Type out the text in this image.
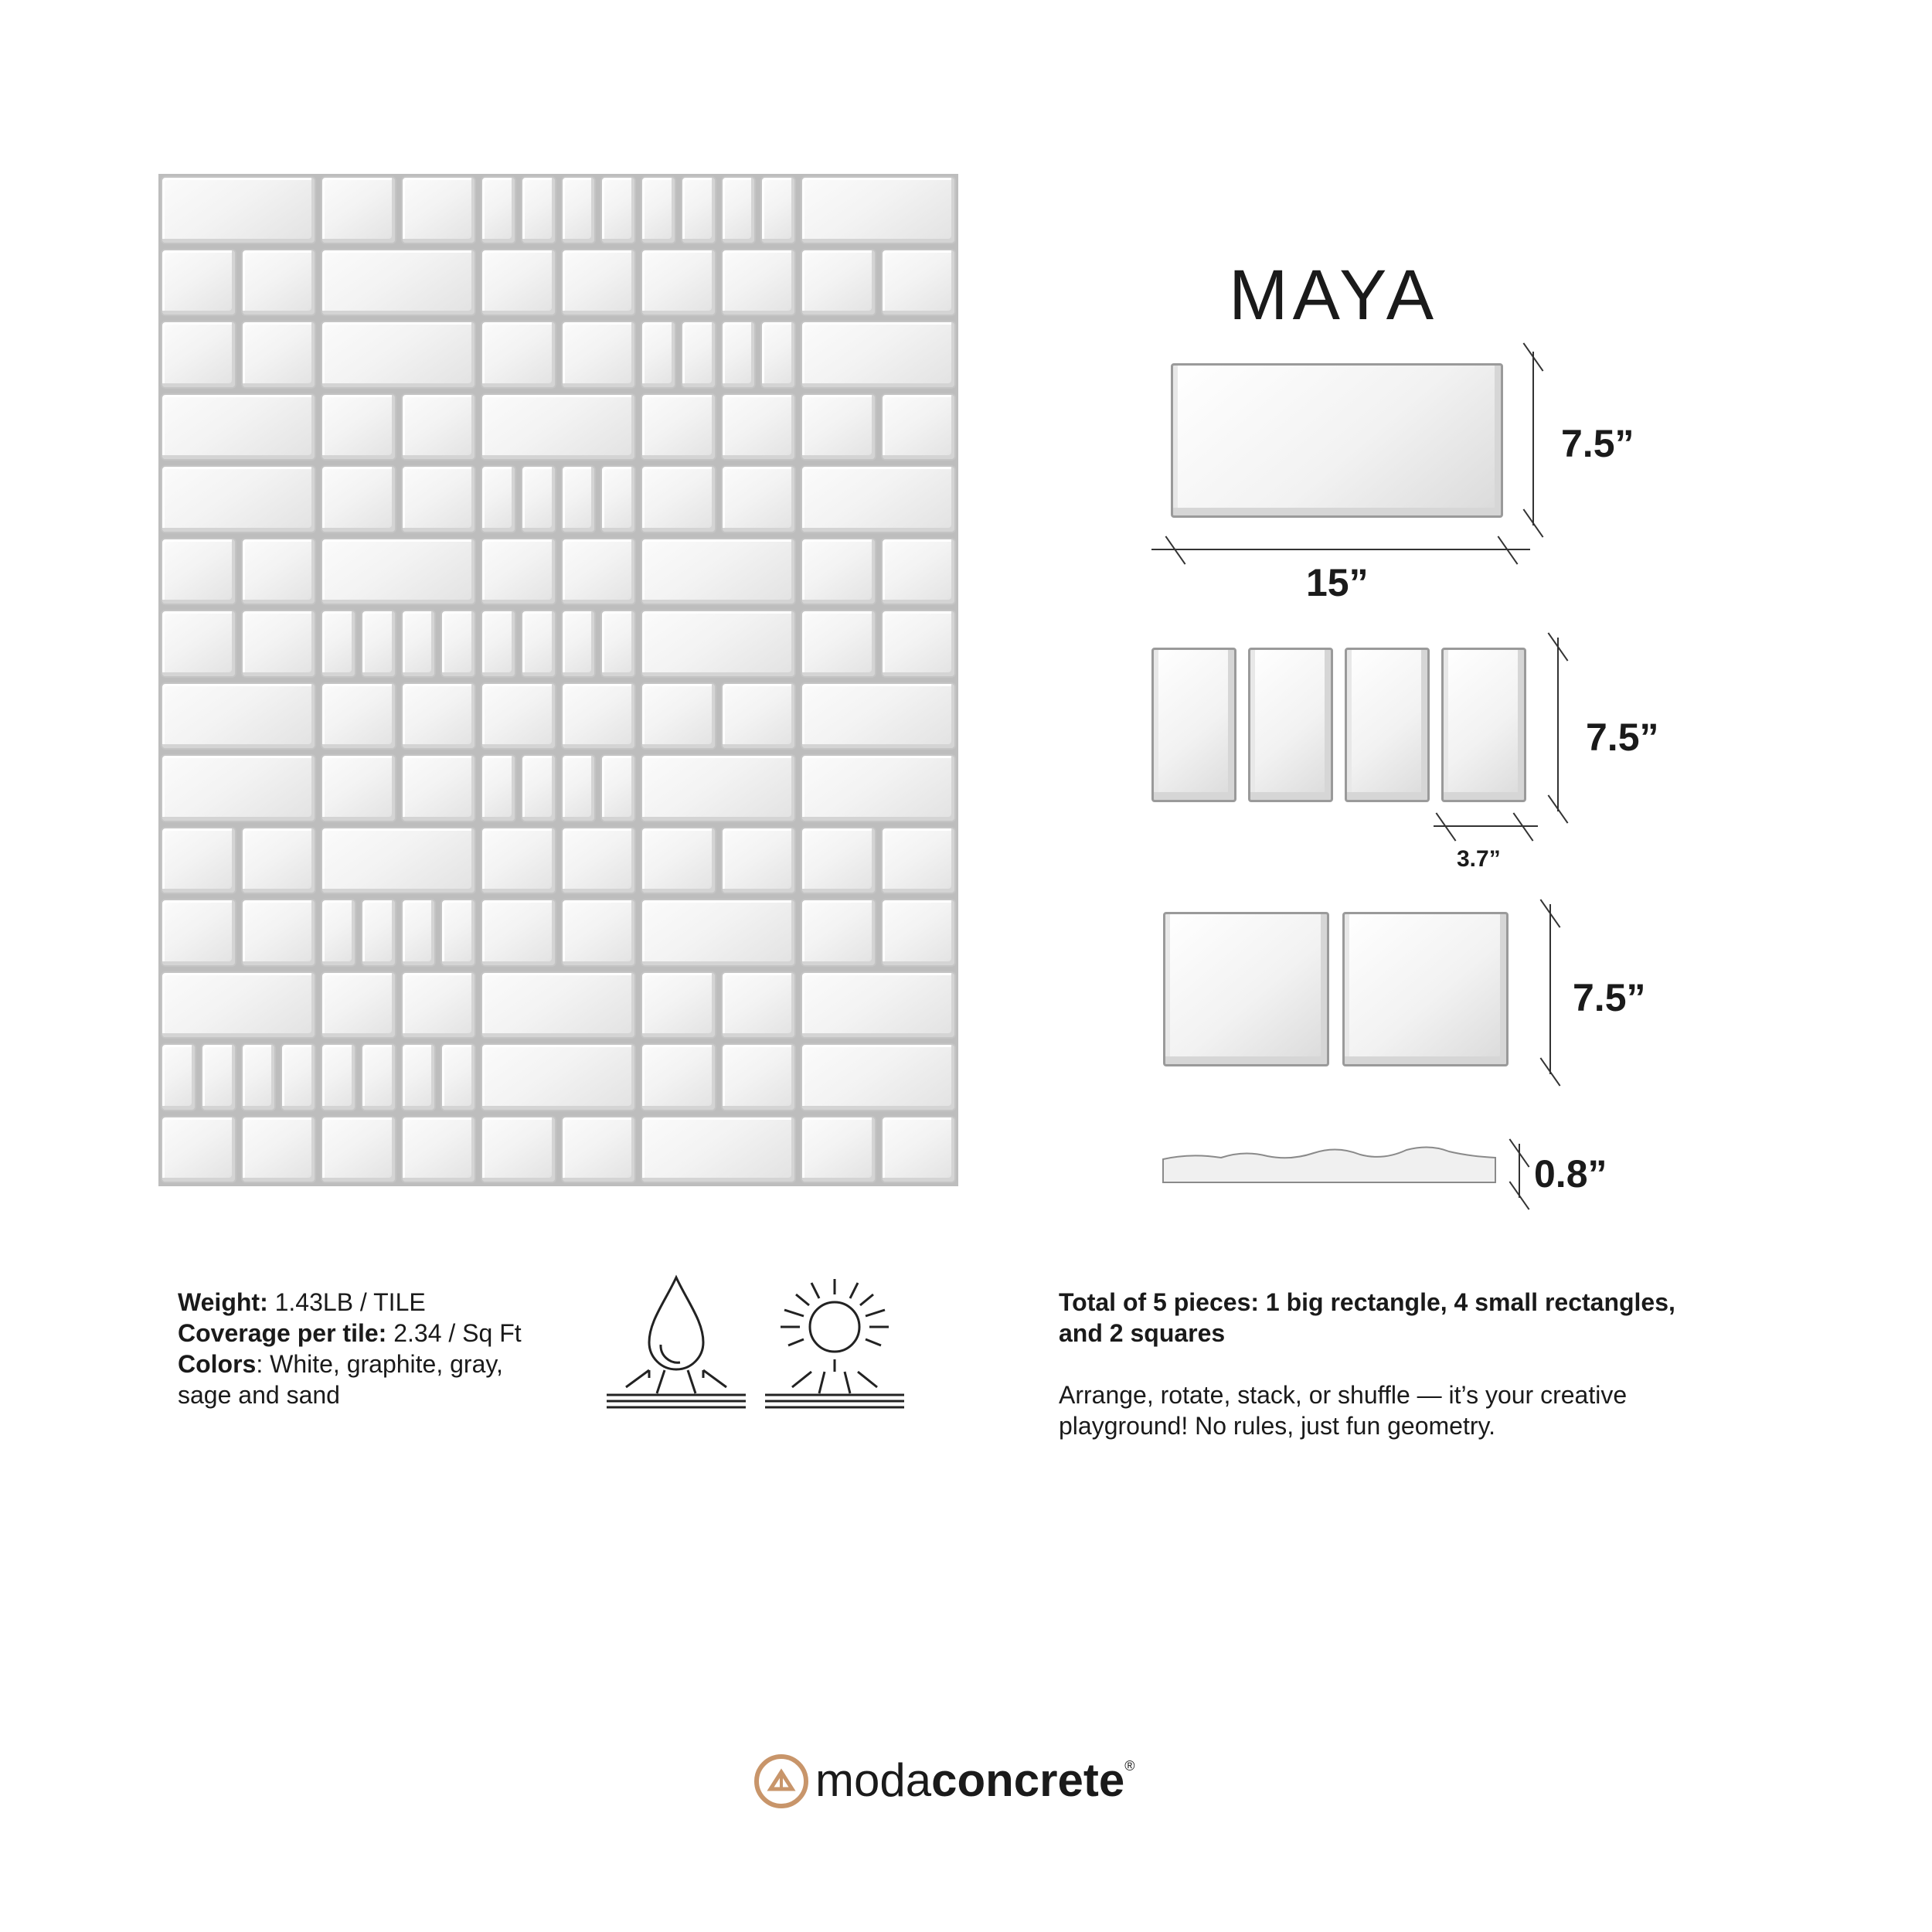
MAYA
7.5”
15”
7.5”
3.7”
7.5”
0.8”
Weight: 1.43LB / TILE
Coverage per tile: 2.34 / Sq Ft
Colors: White, graphite, gray,
sage and sand
Total of 5 pieces: 1 big rectangle, 4 small rectangles,
and 2 squares
Arrange, rotate, stack, or shuffle — it’s your creative
playground! No rules, just fun geometry.
modaconcrete®
